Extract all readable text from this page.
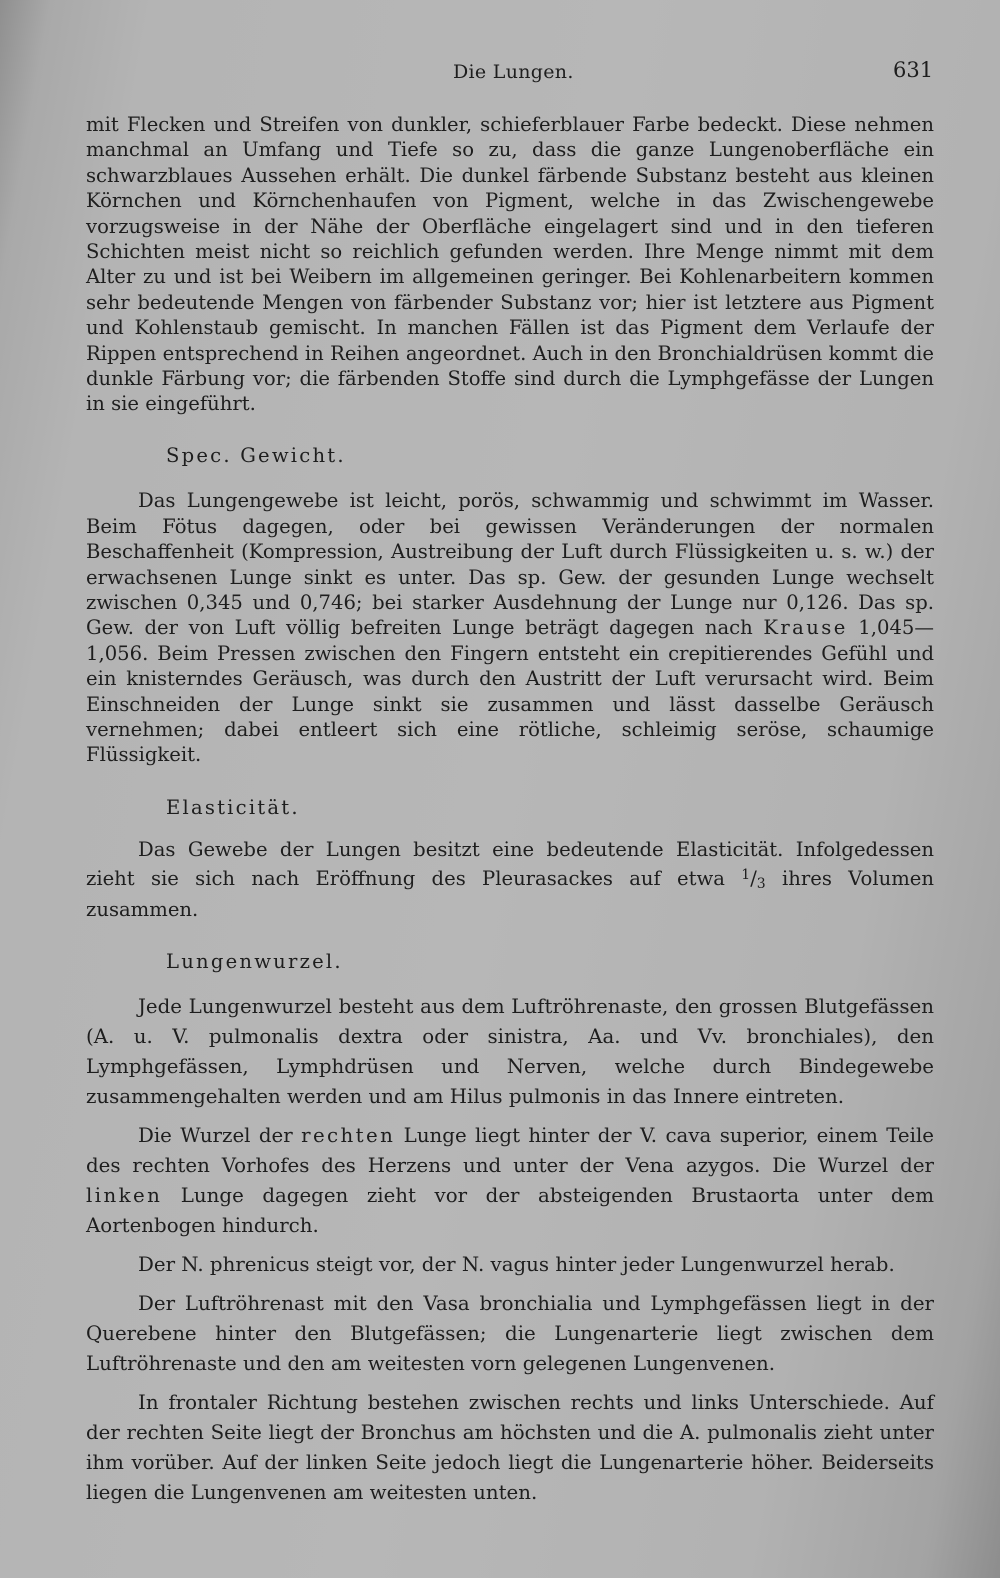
Die Lungen.	631

mit Flecken und Streifen von dunkler, schieferblauer Farbe bedeckt. Diese nehmen manchmal an Umfang und Tiefe so zu, dass die ganze Lungenoberfläche ein schwarzblaues Aussehen erhält. Die dunkel färbende Substanz besteht aus kleinen Körnchen und Körnchenhaufen von Pigment, welche in das Zwischengewebe vorzugsweise in der Nähe der Oberfläche eingelagert sind und in den tieferen Schichten meist nicht so reichlich gefunden werden. Ihre Menge nimmt mit dem Alter zu und ist bei Weibern im allgemeinen geringer. Bei Kohlenarbeitern kommen sehr bedeutende Mengen von färbender Substanz vor; hier ist letztere aus Pigment und Kohlenstaub gemischt. In manchen Fällen ist das Pigment dem Verlaufe der Rippen entsprechend in Reihen angeordnet. Auch in den Bronchialdrüsen kommt die dunkle Färbung vor; die färbenden Stoffe sind durch die Lymphgefässe der Lungen in sie eingeführt.

Spec. Gewicht.

Das Lungengewebe ist leicht, porös, schwammig und schwimmt im Wasser. Beim Fötus dagegen, oder bei gewissen Veränderungen der normalen Beschaffenheit (Kompression, Austreibung der Luft durch Flüssigkeiten u. s. w.) der erwachsenen Lunge sinkt es unter. Das sp. Gew. der gesunden Lunge wechselt zwischen 0,345 und 0,746; bei starker Ausdehnung der Lunge nur 0,126. Das sp. Gew. der von Luft völlig befreiten Lunge beträgt dagegen nach Krause 1,045—1,056. Beim Pressen zwischen den Fingern entsteht ein crepitierendes Gefühl und ein knisterndes Geräusch, was durch den Austritt der Luft verursacht wird. Beim Einschneiden der Lunge sinkt sie zusammen und lässt dasselbe Geräusch vernehmen; dabei entleert sich eine rötliche, schleimig seröse, schaumige Flüssigkeit.

Elasticität.

Das Gewebe der Lungen besitzt eine bedeutende Elasticität. Infolgedessen zieht sie sich nach Eröffnung des Pleurasackes auf etwa $^1$/3 ihres Volumen zusammen.

Lungenwurzel.

Jede Lungenwurzel besteht aus dem Luftröhrenaste, den grossen Blutgefässen (A. u. V. pulmonalis dextra oder sinistra, Aa. und Vv. bronchiales), den Lymphgefässen, Lymphdrüsen und Nerven, welche durch Bindegewebe zusammengehalten werden und am Hilus pulmonis in das Innere eintreten.

Die Wurzel der rechten Lunge liegt hinter der V. cava superior, einem Teile des rechten Vorhofes des Herzens und unter der Vena azygos. Die Wurzel der linken Lunge dagegen zieht vor der absteigenden Brustaorta unter dem Aortenbogen hindurch.

Der N. phrenicus steigt vor, der N. vagus hinter jeder Lungenwurzel herab.

Der Luftröhrenast mit den Vasa bronchialia und Lymphgefässen liegt in der Querebene hinter den Blutgefässen; die Lungenarterie liegt zwischen dem Luftröhrenaste und den am weitesten vorn gelegenen Lungenvenen.

In frontaler Richtung bestehen zwischen rechts und links Unterschiede. Auf der rechten Seite liegt der Bronchus am höchsten und die A. pulmonalis zieht unter ihm vorüber. Auf der linken Seite jedoch liegt die Lungenarterie höher. Beiderseits liegen die Lungenvenen am weitesten unten.
